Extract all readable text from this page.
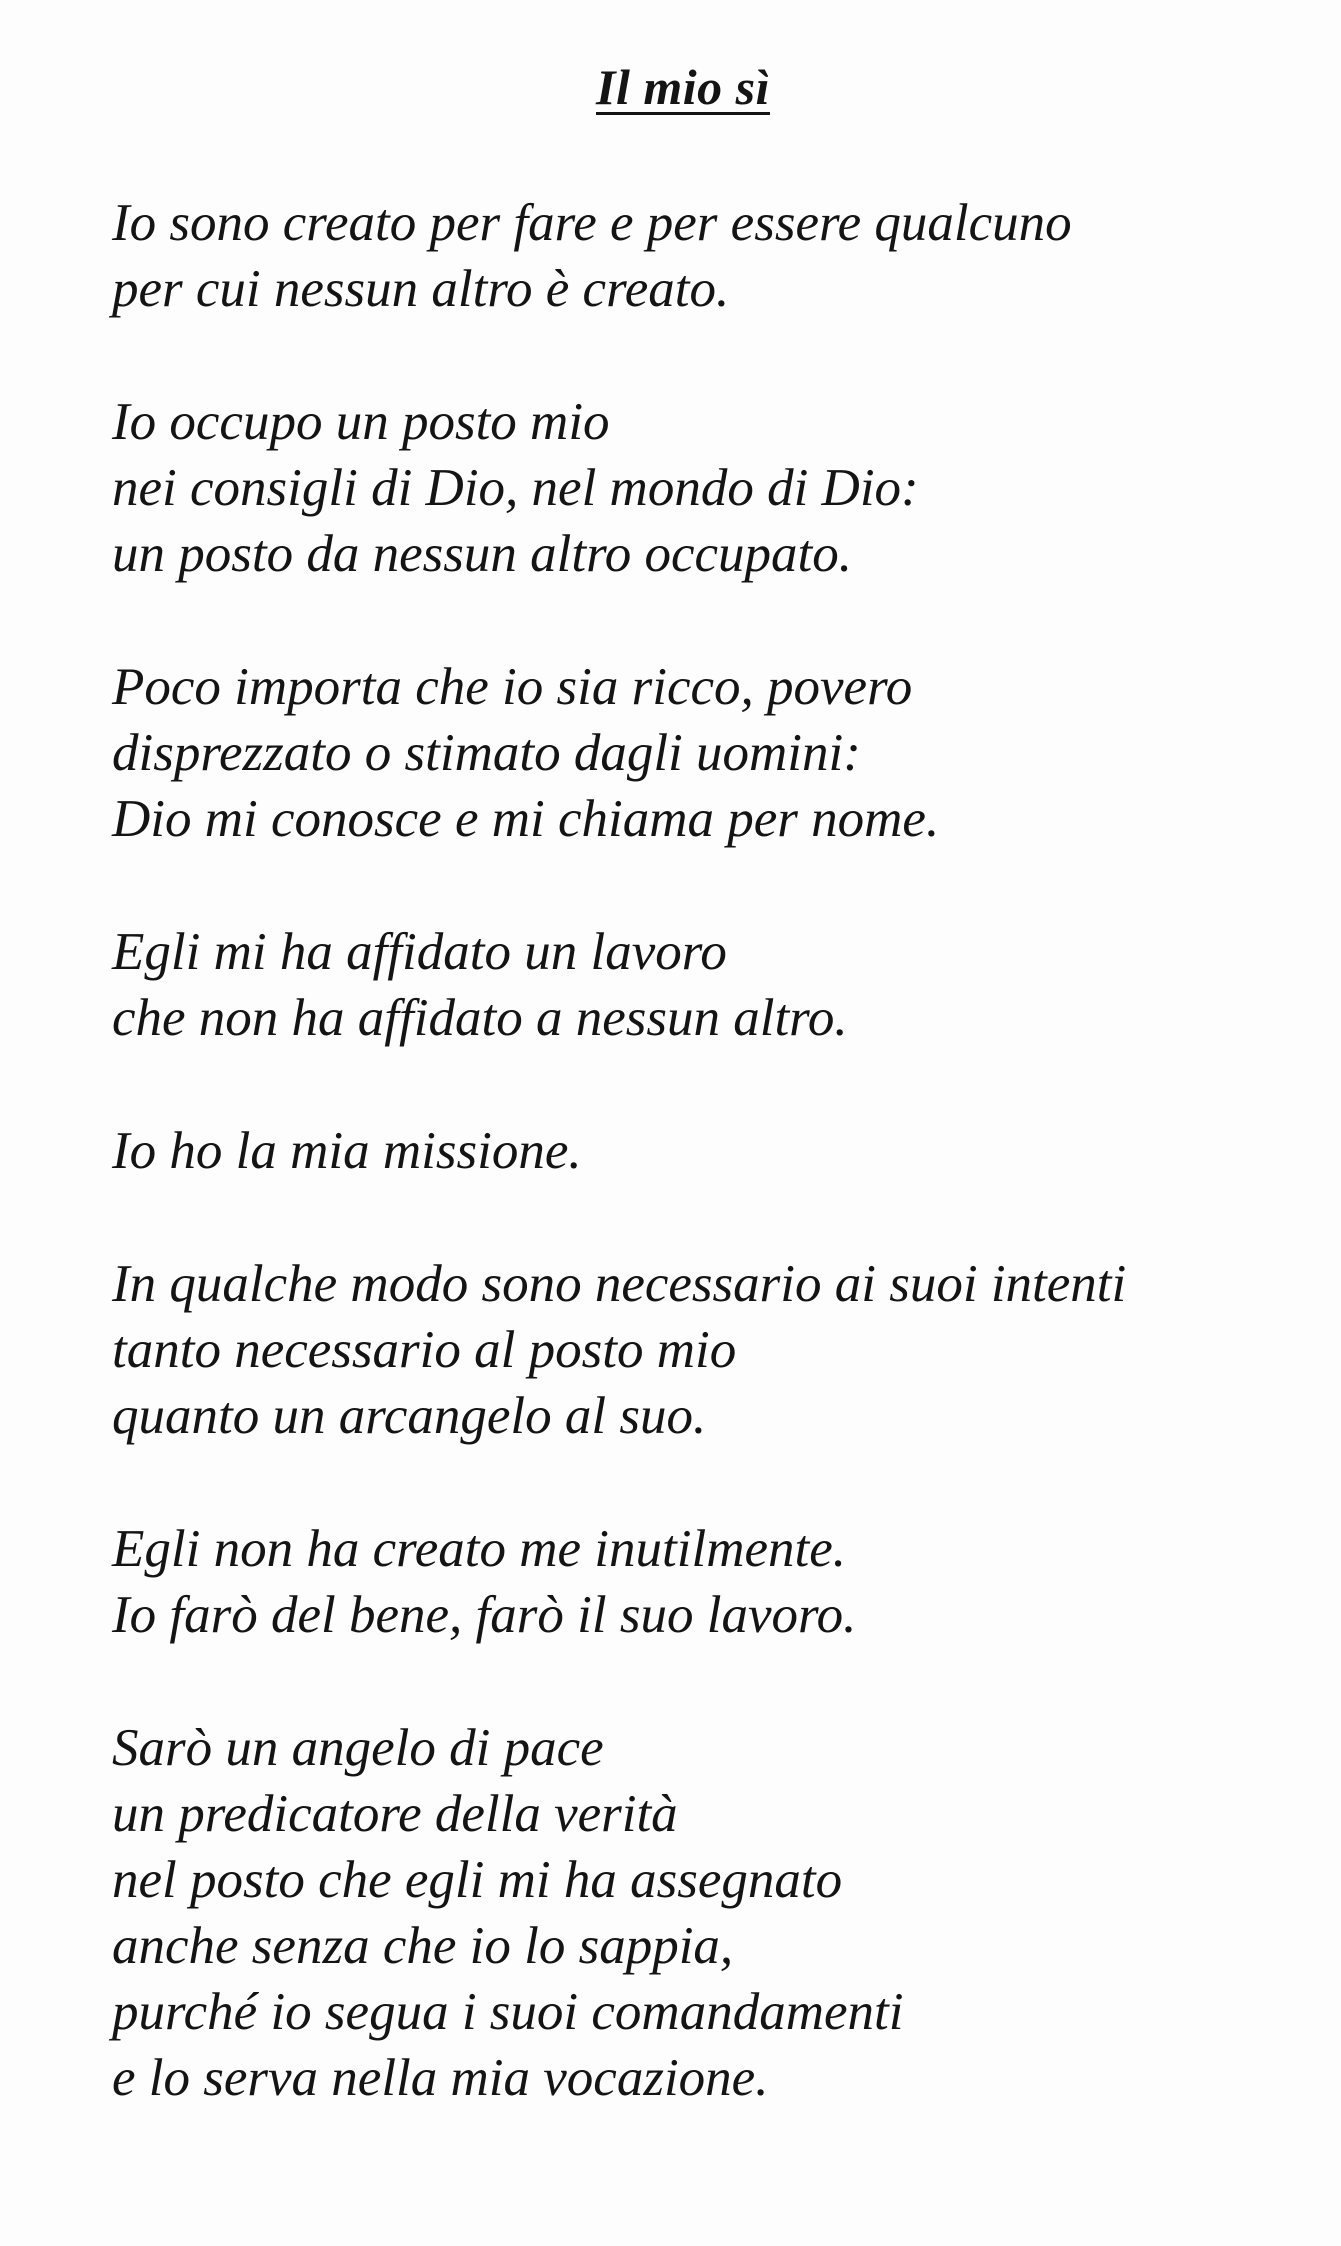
Il mio sì
Io sono creato per fare e per essere qualcuno
per cui nessun altro è creato.
Io occupo un posto mio
nei consigli di Dio, nel mondo di Dio:
un posto da nessun altro occupato.
Poco importa che io sia ricco, povero
disprezzato o stimato dagli uomini:
Dio mi conosce e mi chiama per nome.
Egli mi ha affidato un lavoro
che non ha affidato a nessun altro.
Io ho la mia missione.
In qualche modo sono necessario ai suoi intenti
tanto necessario al posto mio
quanto un arcangelo al suo.
Egli non ha creato me inutilmente.
Io farò del bene, farò il suo lavoro.
Sarò un angelo di pace
un predicatore della verità
nel posto che egli mi ha assegnato
anche senza che io lo sappia,
purché io segua i suoi comandamenti
e lo serva nella mia vocazione.
